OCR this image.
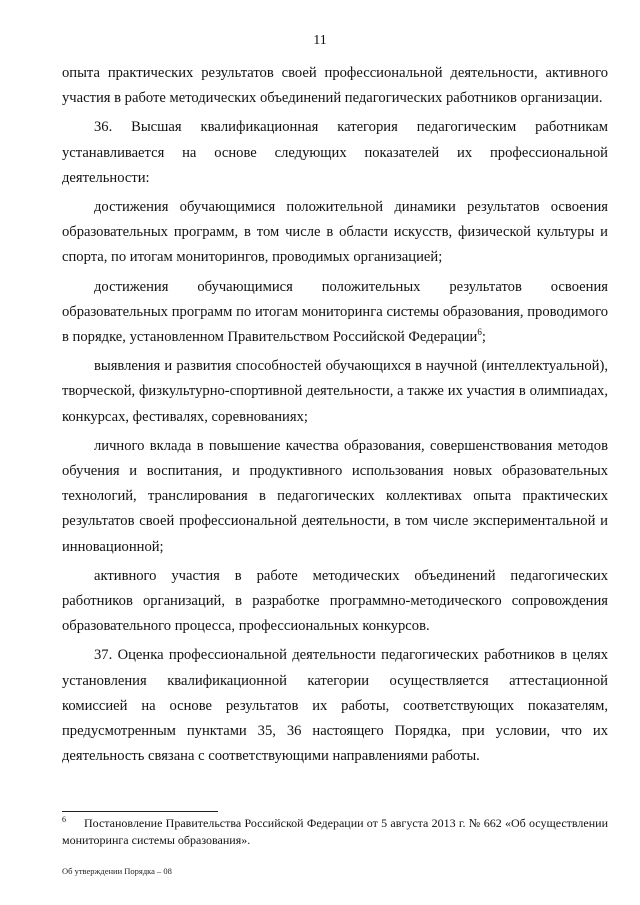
11

опыта практических результатов своей профессиональной деятельности, активного участия в работе методических объединений педагогических работников организации.

36. Высшая квалификационная категория педагогическим работникам устанавливается на основе следующих показателей их профессиональной деятельности:

достижения обучающимися положительной динамики результатов освоения образовательных программ, в том числе в области искусств, физической культуры и спорта, по итогам мониторингов, проводимых организацией;

достижения обучающимися положительных результатов освоения образовательных программ по итогам мониторинга системы образования, проводимого в порядке, установленном Правительством Российской Федерации$^6$;

выявления и развития способностей обучающихся в научной (интеллектуальной), творческой, физкультурно-спортивной деятельности, а также их участия в олимпиадах, конкурсах, фестивалях, соревнованиях;

личного вклада в повышение качества образования, совершенствования методов обучения и воспитания, и продуктивного использования новых образовательных технологий, транслирования в педагогических коллективах опыта практических результатов своей профессиональной деятельности, в том числе экспериментальной и инновационной;

активного участия в работе методических объединений педагогических работников организаций, в разработке программно-методического сопровождения образовательного процесса, профессиональных конкурсов.

37. Оценка профессиональной деятельности педагогических работников в целях установления квалификационной категории осуществляется аттестационной комиссией на основе результатов их работы, соответствующих показателям, предусмотренным пунктами 35, 36 настоящего Порядка, при условии, что их деятельность связана с соответствующими направлениями работы.

$^6$ Постановление Правительства Российской Федерации от 5 августа 2013 г. № 662 «Об осуществлении мониторинга системы образования».
Об утверждении Порядка – 08
